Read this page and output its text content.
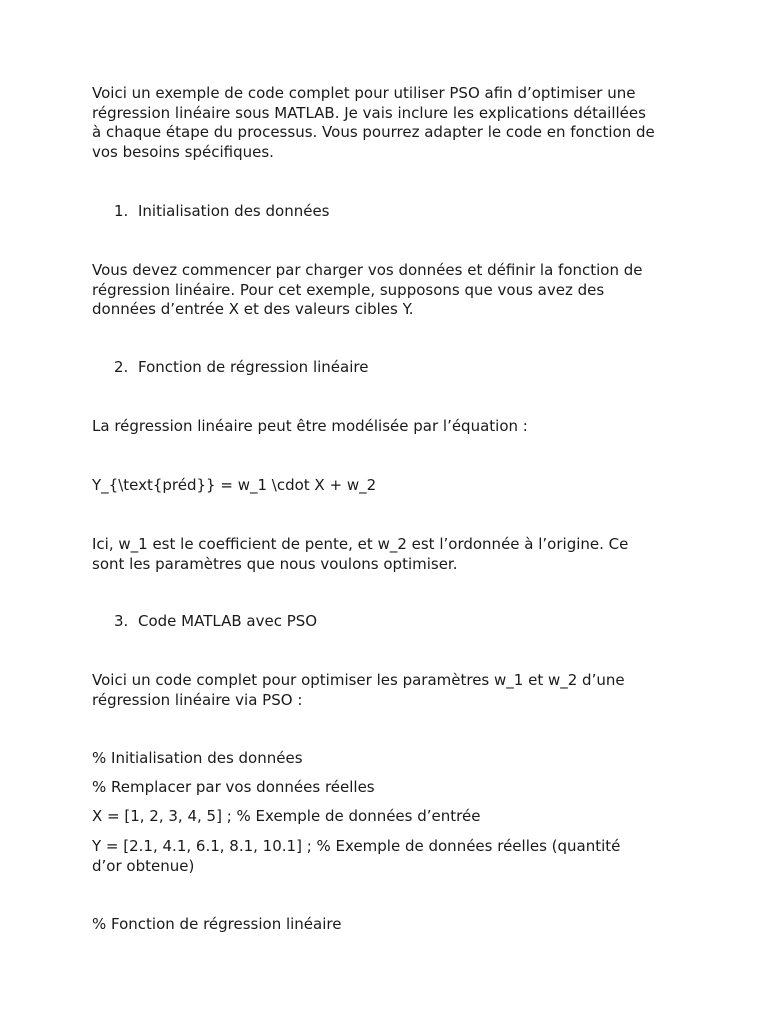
Voici un exemple de code complet pour utiliser PSO afin d’optimiser une
régression linéaire sous MATLAB. Je vais inclure les explications détaillées
à chaque étape du processus. Vous pourrez adapter le code en fonction de
vos besoins spécifiques.
1. Initialisation des données
Vous devez commencer par charger vos données et définir la fonction de
régression linéaire. Pour cet exemple, supposons que vous avez des
données d’entrée X et des valeurs cibles Y.
2. Fonction de régression linéaire
La régression linéaire peut être modélisée par l’équation :
Y_{\text{préd}} = w_1 \cdot X + w_2
Ici, w_1 est le coefficient de pente, et w_2 est l’ordonnée à l’origine. Ce
sont les paramètres que nous voulons optimiser.
3. Code MATLAB avec PSO
Voici un code complet pour optimiser les paramètres w_1 et w_2 d’une
régression linéaire via PSO :
% Initialisation des données
% Remplacer par vos données réelles
X = [1, 2, 3, 4, 5] ; % Exemple de données d’entrée
Y = [2.1, 4.1, 6.1, 8.1, 10.1] ; % Exemple de données réelles (quantité
d’or obtenue)
% Fonction de régression linéaire
